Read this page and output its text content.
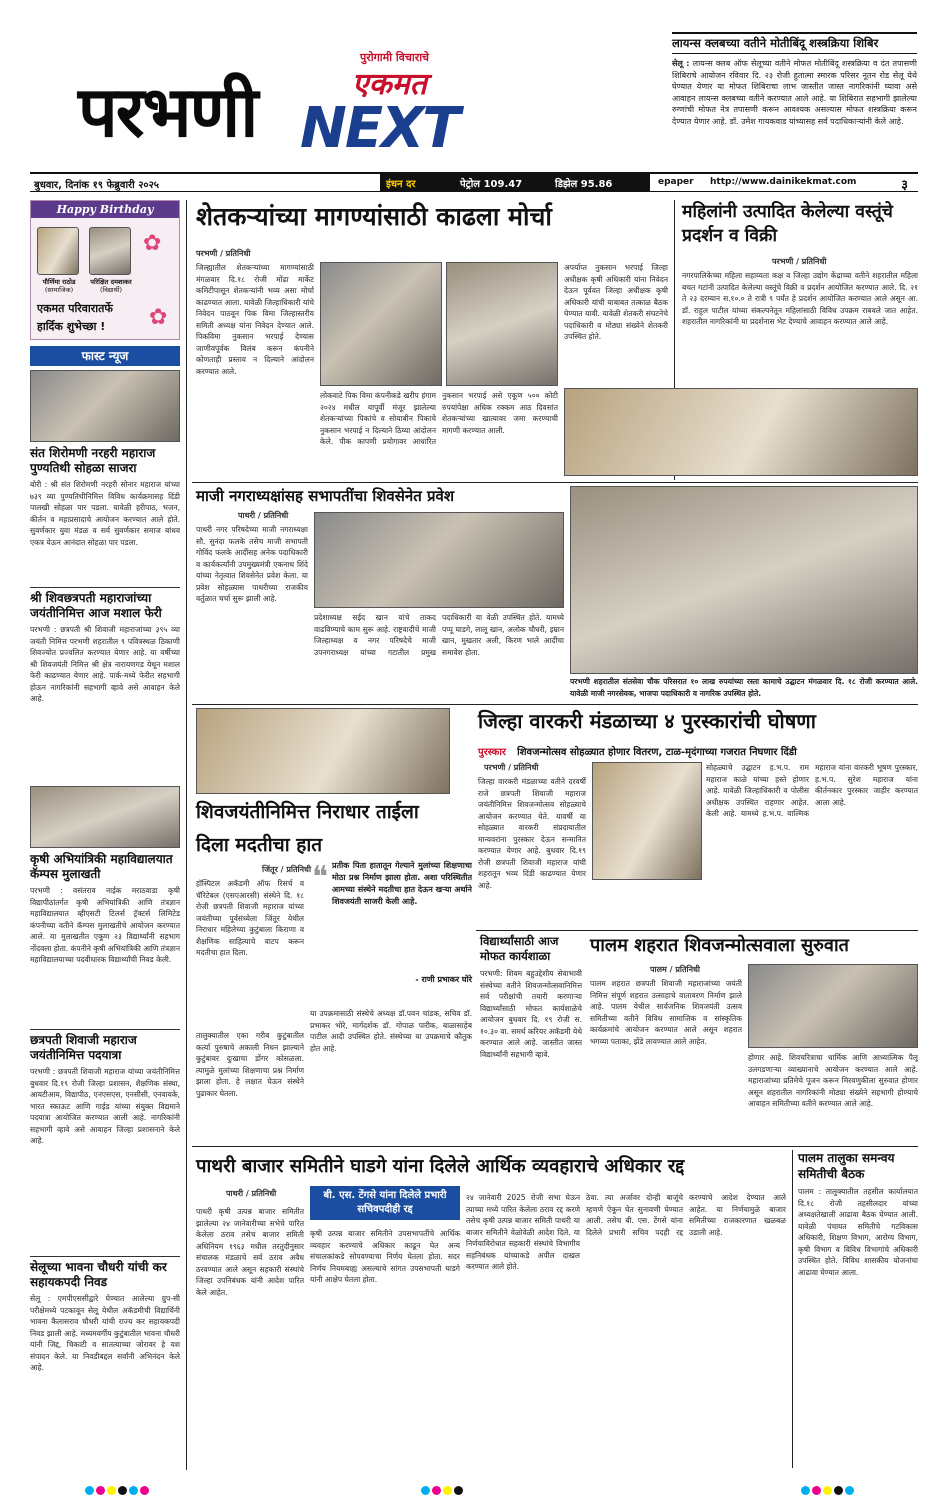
परभणी
पुरोगामी विचाराचे
एकमत
NEXT
लायन्स क्लबच्या वतीने मोतीबिंदू शस्त्रक्रिया शिबिर
सेलू : लायन्स क्लब ऑफ सेलूच्या वतीने मोफत मोतीबिंदू शस्त्रक्रिया व दंत तपासणी शिबिराचे आयोजन रविवार दि. २३ रोजी हुतात्मा स्मारक परिसर नूतन रोड सेलू येथे घेण्यात येणार या मोफत शिबिराचा लाभ जास्तीत जास्त नागरिकांनी घ्यावा असे आवाहन लायन्स क्लबच्या वतीने करण्यात आले आहे. या शिबिरात सहभागी झालेल्या रुग्णांची मोफत नेत्र तपासणी करून आवश्यक असल्यास मोफत शस्त्रक्रिया करून देण्यात येणार आहे. डॉ. उमेश गायकवाड यांच्यासह सर्व पदाधिकाऱ्यांनी केले आहे.
बुधवार, दिनांक १९ फेब्रुवारी २०२५	इंधन दर	पेट्रोल 109.47	डिझेल 95.86	epaper http://www.dainikekmat.com	३
Happy Birthday
✿
पौर्णिमा राठोड
(सामाजिक)
परिक्षित दमशाकर
(विद्यार्थी)
एकमत परिवारातर्फे
हार्दिक शुभेच्छा ! ✿
फास्ट न्यूज
संत शिरोमणी नरहरी महाराज पुण्यतिथी सोहळा साजरा
बोरी : श्री संत शिरोमणी नरहरी सोनार महाराज यांच्या ७३९ व्या पुण्यतिथीनिमित्त विविध कार्यक्रमासह दिंडी पालखी सोहळा पार पडला. यावेळी हरीपाठ, भजन, कीर्तन व महाप्रसादाचे आयोजन करण्यात आले होते. सुवर्णकार युवा मंडळ व सर्व सुवर्णकार समाज बांधव एकत्र येऊन आनंदात सोहळा पार पडला.
श्री शिवछत्रपती महाराजांच्या जयंतीनिमित्त आज मशाल फेरी
परभणी : छत्रपती श्री शिवाजी महाराजांच्या ३९५ व्या जयंती निमित्त परभणी शहरातील ९ पवित्रस्थळ ठिकाणी शिवज्योत प्रज्वलित करण्यात येणार आहे. या वर्षीच्या श्री शिवजयंती निमित्त श्री क्षेत्र नारायणगड येथून मशाल फेरी काढण्यात येणार आहे. पार्क-मध्ये फेरीत सहभागी होऊन नागरिकांनी सहभागी व्हावे असे आवाहन केले आहे.
कृषी अभियांत्रिकी महाविद्यालयात कॅम्पस मुलाखती
परभणी : वसंतराव नाईक मराठवाडा कृषी विद्यापीठांतर्गत कृषी अभियांत्रिकी आणि तंत्रज्ञान महाविद्यालयात व्हीएसटी टिलर्स ट्रॅक्टर्स लिमिटेड कंपनीच्या वतीने कॅम्पस मुलाखतीचे आयोजन करण्यात आले. या मुलाखतीत एकूण २३ विद्यार्थ्यांनी सहभाग नोंदवला होता. कंपनीने कृषी अभियांत्रिकी आणि तंत्रज्ञान महाविद्यालयाच्या पदवीधारक विद्यार्थ्यांची निवड केली.
छत्रपती शिवाजी महाराज जयंतीनिमित्त पदयात्रा
परभणी : छत्रपती शिवाजी महाराज यांच्या जयंतीनिमित्त बुधवार दि.१९ रोजी जिल्हा प्रशासन, शैक्षणिक संस्था, आयटीआय, विद्यापीठ, एनएसएस, एनसीसी, एनवायके, भारत स्काऊट आणि गाईड यांच्या संयुक्त विद्यमाने पदयात्रा आयोजित करण्यात आली आहे. नागरिकांनी सहभागी व्हावे असे आवाहन जिल्हा प्रशासनाने केले आहे.
सेलूच्या भावना चौधरी यांची कर सहायकपदी निवड
सेलू : एमपीएससीद्वारे घेण्यात आलेल्या ग्रुप-सी परीक्षेमध्ये पटकावून सेलू येथील अकॅडमीची विद्यार्थिनी भावना कैलासराव चौधरी यांची राज्य कर सहायकपदी निवड झाली आहे. मध्यमवर्गीय कुटुंबातील भावना चौधरी यांनी जिद्द, चिकाटी व सातत्याच्या जोरावर हे यश संपादन केले. या निवडीबद्दल सर्वांनी अभिनंदन केले आहे.
शेतकऱ्यांच्या मागण्यांसाठी काढला मोर्चा
परभणी / प्रतिनिधी
जिल्ह्यातील शेतकऱ्यांच्या मागण्यांसाठी मंगळवार दि.१८ रोजी मोंढा मार्केट कमिटीपासून शेतकऱ्यांनी भव्य असा मोर्चा काढण्यात आला. यावेळी जिल्हाधिकारी यांचे निवेदन पाठवून पिक विमा जिल्हास्तरीय समिती अध्यक्ष यांना निवेदन देण्यात आले. पिकविमा नुकसान भरपाई देण्यास जाणीवपूर्वक विलंब करून कंपनीने कोणताही प्रस्ताव न दिल्याने आंदोलन करण्यात आले.
लोकवाटे पिक विमा कंपनीकडे खरीप हंगाम २०२४ मधील यापूर्वी मंजूर झालेल्या शेतकऱ्यांच्या पिकांचे व सोयाबीन पिकाचे नुकसान भरपाई न दिल्याने ठिय्या आंदोलन केले. पीक कापणी प्रयोगावर आधारित नुकसान भरपाई असे एकूण ५०० कोटी रुपयांपेक्षा अधिक रक्कम आठ दिवसांत शेतकऱ्यांच्या खात्यावर जमा करण्याची मागणी करण्यात आली.
अपर्याप्त नुकसान भरपाई जिल्हा अधीक्षक कृषी अधिकारी यांना निवेदन देऊन पूर्ववत जिल्हा अधीक्षक कृषी अधिकारी यांची याबाबत तत्काळ बैठक घेण्यात यावी. यावेळी शेतकरी संघटनेचे पदाधिकारी व मोठ्या संख्येने शेतकरी उपस्थित होते.
महिलांनी उत्पादित केलेल्या वस्तूंचे प्रदर्शन व विक्री
परभणी / प्रतिनिधी
नगरपालिकेच्या महिला सहाय्यता कक्ष व जिल्हा उद्योग केंद्राच्या वतीने शहरातील महिला बचत गटांनी उत्पादित केलेल्या वस्तूंचे विक्री व प्रदर्शन आयोजित करण्यात आले. दि. २१ ते २३ दरम्यान स.१०.० ते रात्री ९ पर्यंत हे प्रदर्शन आयोजित करण्यात आले असून आ. डॉ. राहुल पाटील यांच्या संकल्पनेतून महिलांसाठी विविध उपक्रम राबवले जात आहेत. शहरातील नागरिकांनी या प्रदर्शनास भेट देण्याचे आवाहन करण्यात आले आहे.
माजी नगराध्यक्षांसह सभापतींचा शिवसेनेत प्रवेश
पाथरी / प्रतिनिधी
पाथरी नगर परिषदेच्या माजी नगराध्यक्षा सौ. सुनंदा फलके तसेच माजी सभापती गोविंद फलके आदींसह अनेक पदाधिकारी व कार्यकर्त्यांनी उपमुख्यमंत्री एकनाथ शिंदे यांच्या नेतृत्वात शिवसेनेत प्रवेश केला. या प्रवेश सोहळ्यास पाथरीच्या राजकीय वर्तुळात चर्चा सुरू झाली आहे.
प्रदेशाध्यक्ष सईद खान यांचे ताकद वाढविण्याचे काम सुरू आहे. राष्ट्रवादीचे माजी जिल्हाध्यक्ष व नगर परिषदेचे माजी उपनगराध्यक्ष यांच्या गटातील प्रमुख पदाधिकारी या वेळी उपस्थित होते. यामध्ये पप्पू घाडगे, लालू खान, अलोक चौधरी, इम्रान खान, मुखतार अली, किरण भाले आदींचा समावेश होता.
परभणी शहरातील संतसेवा चौक परिसरात १० लाख रुपयांच्या रस्ता कामाचे उद्घाटन मंगळवार दि. १८ रोजी करण्यात आले. यावेळी माजी नगरसेवक, भाजपा पदाधिकारी व नागरिक उपस्थित होते.
शिवजयंतीनिमित्त निराधार ताईला दिला मदतीचा हात
जिंतूर / प्रतिनिधी ❝ प्रतीक पिता हातातून गेल्याने मुलांच्या शिक्षणाचा मोठा प्रश्न निर्माण झाला होता. अशा परिस्थितीत आमच्या संस्थेने मदतीचा हात देऊन खऱ्या अर्थाने शिवजयंती साजरी केली आहे.
- राणी प्रभाकर घोरे
हॉस्पिटल अकॅडमी ऑफ रिसर्च व चॅरिटेबल (एसएआरसी) संस्थेने दि. १८ रोजी छत्रपती शिवाजी महाराज यांच्या जयंतीच्या पूर्वसंध्येला जिंतूर येथील निराधार महिलेच्या कुटुंबाला किराणा व शैक्षणिक साहित्याचे वाटप करून मदतीचा हात दिला.
तालुक्यातील एका गरीब कुटुंबातील कर्त्या पुरुषाचे अकाली निधन झाल्याने कुटुंबावर दुःखाचा डोंगर कोसळला. त्यामुळे मुलांच्या शिक्षणाचा प्रश्न निर्माण झाला होता. हे लक्षात घेऊन संस्थेने पुढाकार घेतला.
या उपक्रमासाठी संस्थेचे अध्यक्ष डॉ.पवन चांडक, सचिव डॉ. प्रभाकर भोरे, मार्गदर्शक डॉ. गोपाळ पारीक, बाळासाहेब पाटील आदी उपस्थित होते. संस्थेच्या या उपक्रमाचे कौतुक होत आहे.
जिल्हा वारकरी मंडळाच्या ४ पुरस्कारांची घोषणा
पुरस्कार शिवजन्मोत्सव सोहळ्यात होणार वितरण, टाळ-मृदंगाच्या गजरात निघणार दिंडी
परभणी / प्रतिनिधी
जिल्हा वारकरी मंडळाच्या वतीने दरवर्षी राजे छत्रपती शिवाजी महाराज जयंतीनिमित्त शिवजन्मोत्सव सोहळ्याचे आयोजन करण्यात येते. यावर्षी या सोहळ्यात वारकरी संप्रदायातील मान्यवरांना पुरस्कार देऊन सन्मानित करण्यात येणार आहे. बुधवार दि.१९ रोजी छत्रपती शिवाजी महाराज यांची शहरातून भव्य दिंडी काढण्यात येणार आहे.
सोहळ्याचे उद्घाटन ह.भ.प. राम महाराज काळे यांच्या हस्ते होणार आहे. यावेळी जिल्हाधिकारी व पोलीस अधीक्षक उपस्थित राहणार आहेत. केली आहे. यामध्ये ह.भ.प. वाल्मिक महाराज यांना वारकरी भूषण पुरस्कार, ह.भ.प. सुरेश महाराज यांना कीर्तनकार पुरस्कार जाहीर करण्यात आला आहे.
विद्यार्थ्यांसाठी आज मोफत कार्यशाळा
परभणी: शिवम बहुउद्देशीय सेवाभावी संस्थेच्या वतीने शिवजन्मोत्सवानिमित्त सर्व परीक्षांची तयारी करणाऱ्या विद्यार्थ्यांसाठी मोफत कार्यशाळेचे आयोजन बुधवार दि. १९ रोजी स. १०.३० वा. समर्थ करियर अकॅडमी येथे करण्यात आले आहे. जास्तीत जास्त विद्यार्थ्यांनी सहभागी व्हावे.
पालम शहरात शिवजन्मोत्सवाला सुरुवात
पालम / प्रतिनिधी
पालम शहरात छत्रपती शिवाजी महाराजांच्या जयंती निमित्त संपूर्ण शहरात उत्साहाचे वातावरण निर्माण झाले आहे. पालम येथील सार्वजनिक शिवजयंती उत्सव समितीच्या वतीने विविध सामाजिक व सांस्कृतिक कार्यक्रमांचे आयोजन करण्यात आले असून शहरात भगव्या पताका, झेंडे लावण्यात आले आहेत.
होणार आहे. शिवचरित्राचा धार्मिक आणि आध्यात्मिक पैलू उलगडणाऱ्या व्याख्यानाचे आयोजन करण्यात आले आहे. महाराजांच्या प्रतिमेचे पूजन करून मिरवणुकीला सुरुवात होणार असून शहरातील नागरिकांनी मोठ्या संख्येने सहभागी होण्याचे आवाहन समितीच्या वतीने करण्यात आले आहे.
पाथरी बाजार समितीने घाडगे यांना दिलेले आर्थिक व्यवहाराचे अधिकार रद्द
पाथरी / प्रतिनिधी	बी. एस. टेंगसे यांना दिलेले प्रभारी सचिवपदीही रद्द
पाथरी कृषी उत्पन्न बाजार समितीत झालेल्या २४ जानेवारीच्या सभेचे पारित केलेला ठराव तसेच बाजार समिती अधिनियम १९६३ मधील तरतुदीनुसार संचालक मंडळाचे सर्व ठराव अवैध ठरवण्यात आले असून सहकारी संस्थांचे जिल्हा उपनिबंधक यांनी आदेश पारित केले आहेत.
कृषी उत्पन्न बाजार समितीने उपसभापतींचे आर्थिक व्यवहार करण्याचे अधिकार काढून घेत अन्य संचालकांकडे सोपवण्याचा निर्णय घेतला होता. सदर निर्णय नियमबाह्य असल्याचे सांगत उपसभापती घाडगे यांनी आक्षेप घेतला होता.
२४ जानेवारी 2025 रोजी सभा घेऊन त्याच्या मध्ये पारित केलेला ठराव रद्द करणे तसेच कृषी उत्पन्न बाजार समिती पाथरी या बाजार समितीने वेळोवेळी आदेश दिले. या निर्णयाविरोधात सहकारी संस्थांचे विभागीय सहनिबंधक यांच्याकडे अपील दाखल करण्यात आले होते.
ठेवा. त्या अर्जावर दोन्ही बाजूंचे म्हणणे ऐकून घेत सुनावणी घेण्यात आली. तसेच बी. एस. टेंगसे यांना दिलेले प्रभारी सचिव पदही रद्द करण्याचे आदेश देण्यात आले आहेत. या निर्णयामुळे बाजार समितीच्या राजकारणात खळबळ उडाली आहे.
पालम तालुका समन्वय समितीची बैठक
पालम : तालुक्यातील तहसील कार्यालयात दि.१८ रोजी तहसीलदार यांच्या अध्यक्षतेखाली आढावा बैठक घेण्यात आली. यावेळी पंचायत समितीचे गटविकास अधिकारी, शिक्षण विभाग, आरोग्य विभाग, कृषी विभाग व विविध विभागांचे अधिकारी उपस्थित होते. विविध शासकीय योजनांचा आढावा घेण्यात आला.
